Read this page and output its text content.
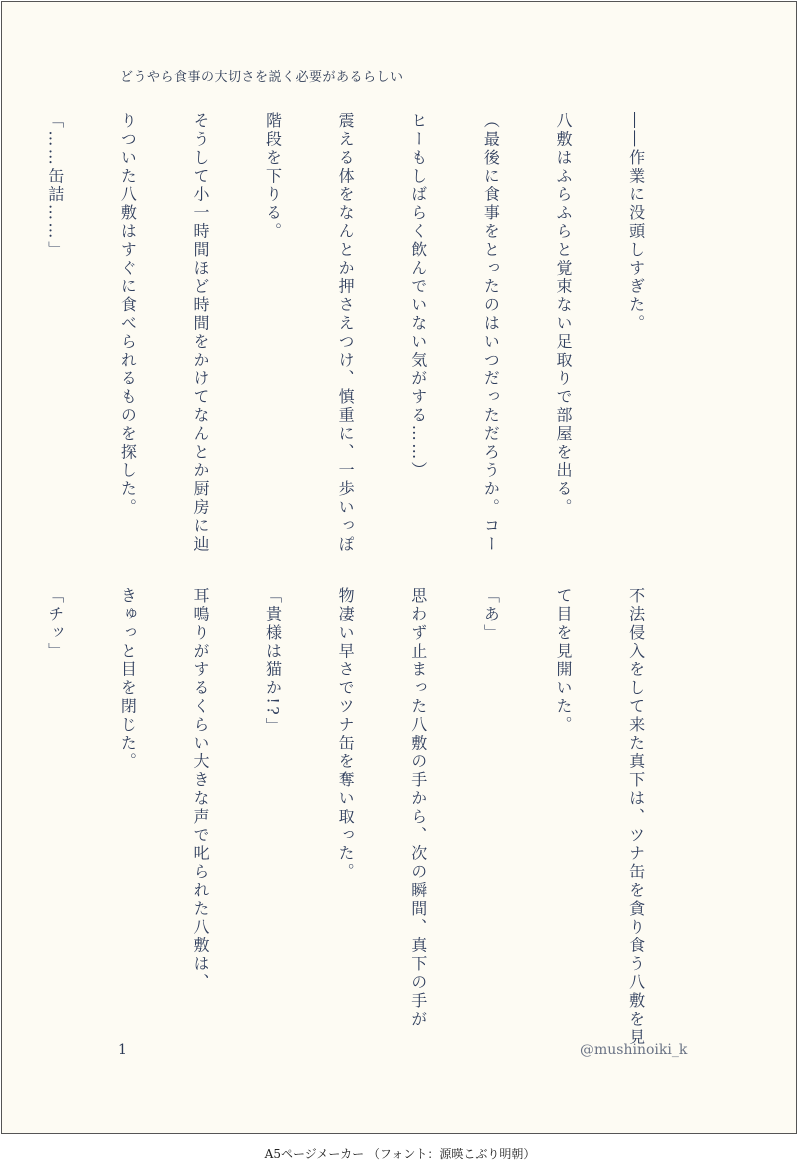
どうやら食事の大切さを説く必要があるらしい

――作業に没頭しすぎた。

八敷はふらふらと覚束ない足取りで部屋を出る。

（最後に食事をとったのはいつだっただろうか。コー

ヒーもしばらく飲んでいない気がする……）

震える体をなんとか押さえつけ、慎重に、一歩いっぽ

階段を下りる。

そうして小一時間ほど時間をかけてなんとか厨房に辿

りついた八敷はすぐに食べられるものを探した。

「……缶詰……」

不法侵入をして来た真下は、ツナ缶を貪り食う八敷を見

て目を見開いた。

「あ」

思わず止まった八敷の手から、次の瞬間、真下の手が

物凄い早さでツナ缶を奪い取った。

「貴様は猫か!?」

耳鳴りがするくらい大きな声で叱られた八敷は、

きゅっと目を閉じた。

「チッ」

1	@mushinoiki_k
A5ページメーカー （フォント：源暎こぶり明朝）
